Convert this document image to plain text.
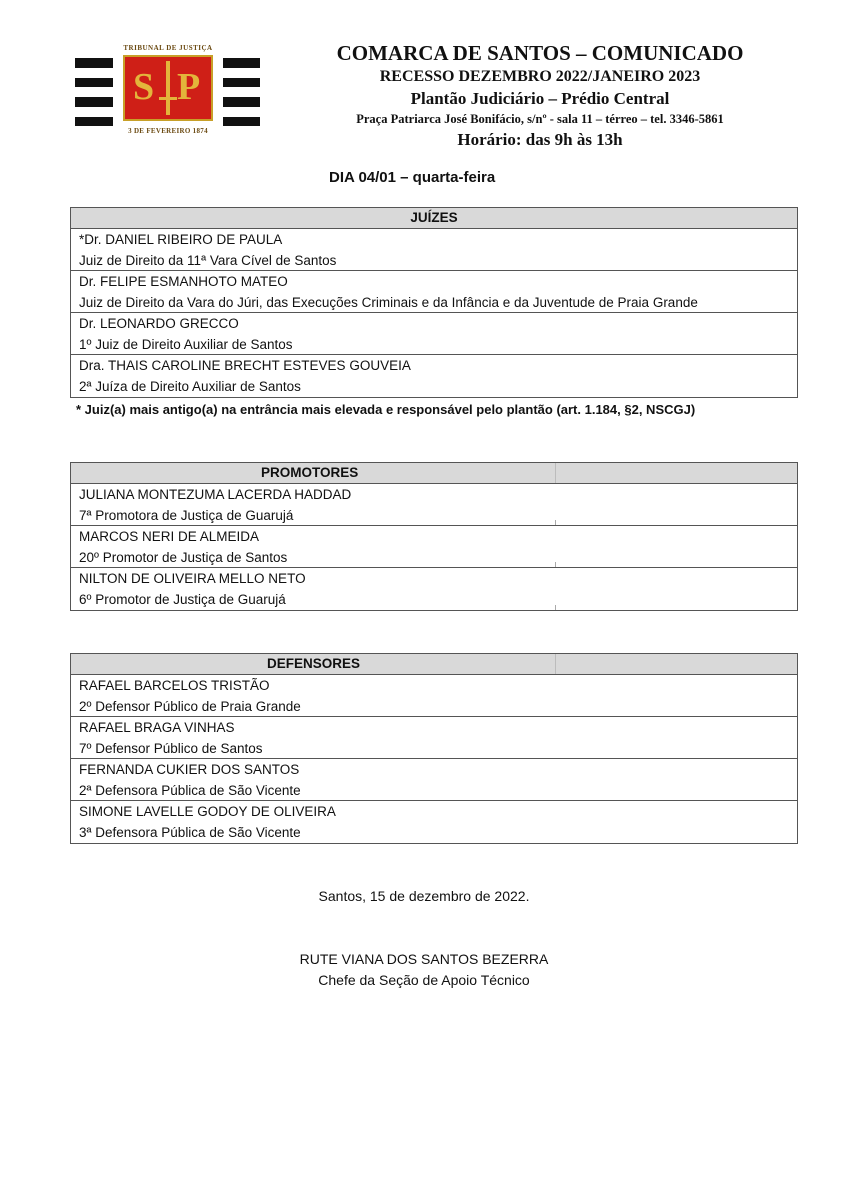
TRIBUNAL DE JUSTIÇA
S P
3 DE FEVEREIRO 1874
COMARCA DE SANTOS – COMUNICADO
RECESSO DEZEMBRO 2022/JANEIRO 2023
Plantão Judiciário – Prédio Central
Praça Patriarca José Bonifácio, s/nº - sala 11 – térreo – tel. 3346-5861
Horário: das 9h às 13h
DIA 04/01 – quarta-feira
JUÍZES
*Dr. DANIEL RIBEIRO DE PAULA
Juiz de Direito da 11ª Vara Cível de Santos
Dr. FELIPE ESMANHOTO MATEO
Juiz de Direito da Vara do Júri, das Execuções Criminais e da Infância e da Juventude de Praia Grande
Dr. LEONARDO GRECCO
1º Juiz de Direito Auxiliar de Santos
Dra. THAIS CAROLINE BRECHT ESTEVES GOUVEIA
2ª Juíza de Direito Auxiliar de Santos
* Juiz(a) mais antigo(a) na entrância mais elevada e responsável pelo plantão (art. 1.184, §2, NSCGJ)
PROMOTORES
JULIANA MONTEZUMA LACERDA HADDAD
7ª Promotora de Justiça de Guarujá
MARCOS NERI DE ALMEIDA
20º Promotor de Justiça de Santos
NILTON DE OLIVEIRA MELLO NETO
6º Promotor de Justiça de Guarujá
DEFENSORES
RAFAEL BARCELOS TRISTÃO
2º Defensor Público de Praia Grande
RAFAEL BRAGA VINHAS
7º Defensor Público de Santos
FERNANDA CUKIER DOS SANTOS
2ª Defensora Pública de São Vicente
SIMONE LAVELLE GODOY DE OLIVEIRA
3ª Defensora Pública de São Vicente
Santos, 15 de dezembro de 2022.
RUTE VIANA DOS SANTOS BEZERRA
Chefe da Seção de Apoio Técnico
